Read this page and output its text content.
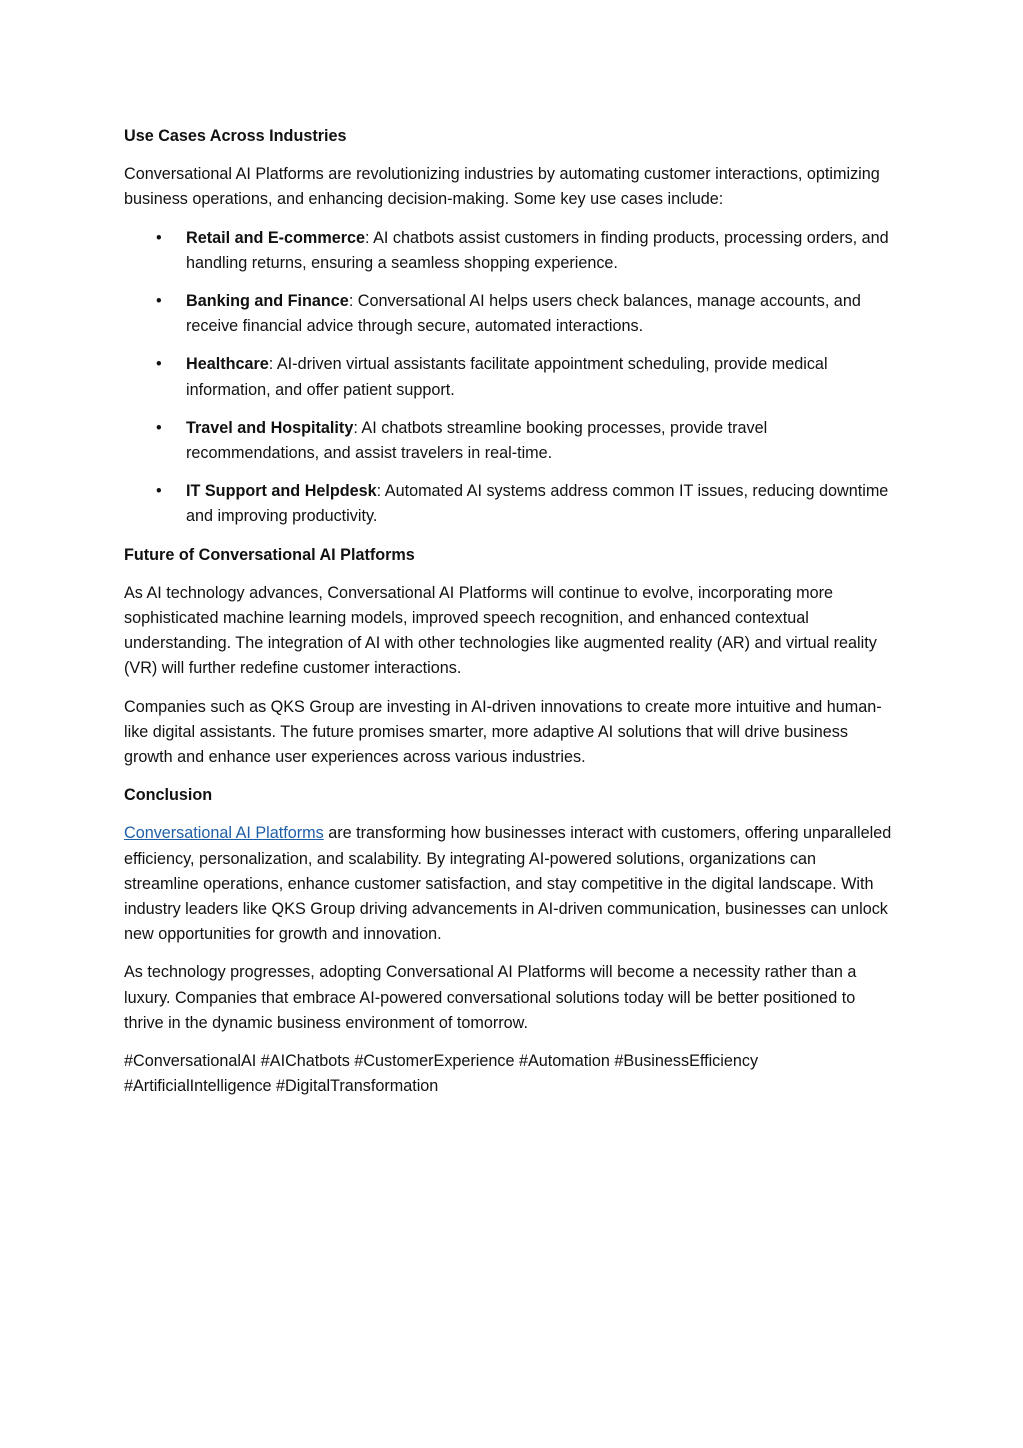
Use Cases Across Industries

Conversational AI Platforms are revolutionizing industries by automating customer interactions, optimizing business operations, and enhancing decision-making. Some key use cases include:

• Retail and E-commerce: AI chatbots assist customers in finding products, processing orders, and handling returns, ensuring a seamless shopping experience.
• Banking and Finance: Conversational AI helps users check balances, manage accounts, and receive financial advice through secure, automated interactions.
• Healthcare: AI-driven virtual assistants facilitate appointment scheduling, provide medical information, and offer patient support.
• Travel and Hospitality: AI chatbots streamline booking processes, provide travel recommendations, and assist travelers in real-time.
• IT Support and Helpdesk: Automated AI systems address common IT issues, reducing downtime and improving productivity.

Future of Conversational AI Platforms

As AI technology advances, Conversational AI Platforms will continue to evolve, incorporating more sophisticated machine learning models, improved speech recognition, and enhanced contextual understanding. The integration of AI with other technologies like augmented reality (AR) and virtual reality (VR) will further redefine customer interactions.

Companies such as QKS Group are investing in AI-driven innovations to create more intuitive and human-like digital assistants. The future promises smarter, more adaptive AI solutions that will drive business growth and enhance user experiences across various industries.

Conclusion

Conversational AI Platforms are transforming how businesses interact with customers, offering unparalleled efficiency, personalization, and scalability. By integrating AI-powered solutions, organizations can streamline operations, enhance customer satisfaction, and stay competitive in the digital landscape. With industry leaders like QKS Group driving advancements in AI-driven communication, businesses can unlock new opportunities for growth and innovation.

As technology progresses, adopting Conversational AI Platforms will become a necessity rather than a luxury. Companies that embrace AI-powered conversational solutions today will be better positioned to thrive in the dynamic business environment of tomorrow.

#ConversationalAI #AIChatbots #CustomerExperience #Automation #BusinessEfficiency #ArtificialIntelligence #DigitalTransformation
